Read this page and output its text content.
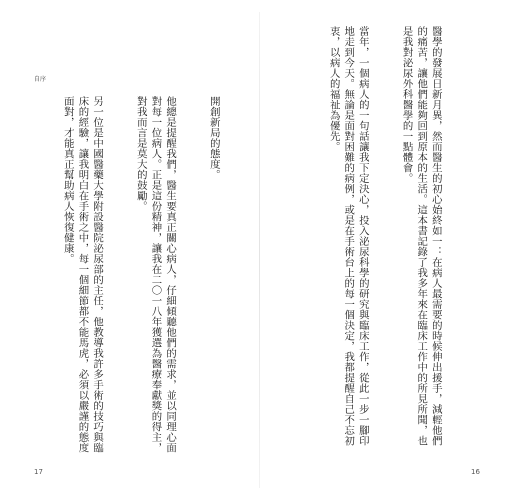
自序

	醫學的發展日新月異，然而醫生的初心始終如一：在病人最需要的時候伸出援手，減輕他們的痛苦，讓他們能夠回到原本的生活。這本書記錄了我多年來在臨床工作中的所見所聞，也是我對泌尿外科醫學的一點體會。

當年，一個病人的一句話讓我下定決心，投入泌尿科學的研究與臨床工作，從此一步一腳印地走到今天。無論是面對困難的病例，或是在手術台上的每一個決定，我都提醒自己不忘初衷，以病人的福祉為優先。

開創新局的態度。

他總是提醒我們，醫生要真正關心病人，仔細傾聽他們的需求，並以同理心面對每一位病人。正是這份精神，讓我在二〇一八年獲選為醫療奉獻獎的得主，對我而言是莫大的鼓勵。

另一位是中國醫藥大學附設醫院泌尿部的主任，他教導我許多手術的技巧與臨床的經驗，讓我明白在手術之中，每一個細節都不能馬虎，必須以嚴謹的態度面對，才能真正幫助病人恢復健康。

17	16
